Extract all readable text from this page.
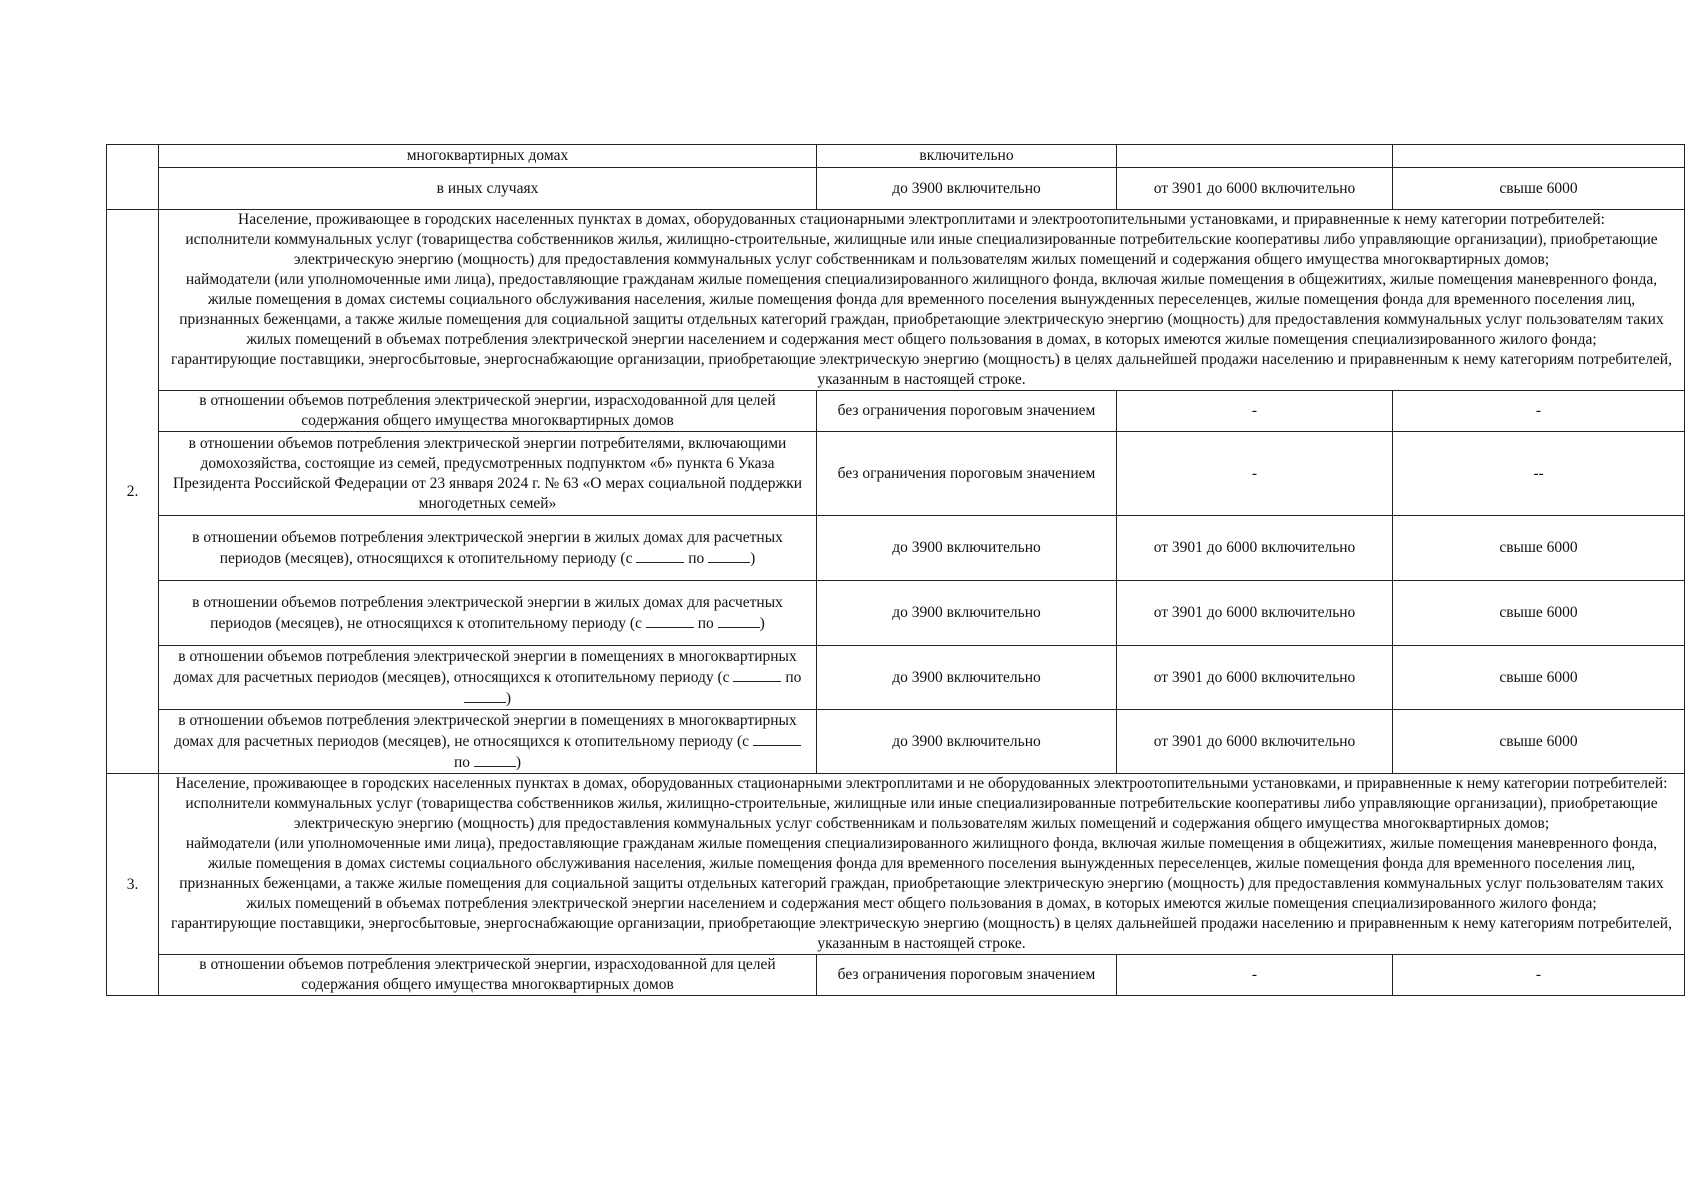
	многоквартирных домах	включительно		
	в иных случаях	до 3900 включительно	от 3901 до 6000 включительно	свыше 6000
2.	Население, проживающее в городских населенных пунктах в домах, оборудованных стационарными электроплитами и электроотопительными установками, и приравненные к нему категории потребителей:

исполнители коммунальных услуг (товарищества собственников жилья, жилищно-строительные, жилищные или иные специализированные потребительские кооперативы либо управляющие организации), приобретающие электрическую энергию (мощность) для предоставления коммунальных услуг собственникам и пользователям жилых помещений и содержания общего имущества многоквартирных домов;

наймодатели (или уполномоченные ими лица), предоставляющие гражданам жилые помещения специализированного жилищного фонда, включая жилые помещения в общежитиях, жилые помещения маневренного фонда, жилые помещения в домах системы социального обслуживания населения, жилые помещения фонда для временного поселения вынужденных переселенцев, жилые помещения фонда для временного поселения лиц, признанных беженцами, а также жилые помещения для социальной защиты отдельных категорий граждан, приобретающие электрическую энергию (мощность) для предоставления коммунальных услуг пользователям таких жилых помещений в объемах потребления электрической энергии населением и содержания мест общего пользования в домах, в которых имеются жилые помещения специализированного жилого фонда;

гарантирующие поставщики, энергосбытовые, энергоснабжающие организации, приобретающие электрическую энергию (мощность) в целях дальнейшей продажи населению и приравненным к нему категориям потребителей, указанным в настоящей строке.			

	в отношении объемов потребления электрической энергии, израсходованной для целей содержания общего имущества многоквартирных домов	без ограничения пороговым значением	-	-
	в отношении объемов потребления электрической энергии потребителями, включающими домохозяйства, состоящие из семей, предусмотренных подпунктом «б» пункта 6 Указа Президента Российской Федерации от 23 января 2024 г. № 63 «О мерах социальной поддержки многодетных семей»	без ограничения пороговым значением	-	--
	в отношении объемов потребления электрической энергии в жилых домах для расчетных периодов (месяцев), относящихся к отопительному периоду (с по )	до 3900 включительно	от 3901 до 6000 включительно	свыше 6000
	в отношении объемов потребления электрической энергии в жилых домах для расчетных периодов (месяцев), не относящихся к отопительному периоду (с по )	до 3900 включительно	от 3901 до 6000 включительно	свыше 6000
	в отношении объемов потребления электрической энергии в помещениях в многоквартирных домах для расчетных периодов (месяцев), относящихся к отопительному периоду (с по )	до 3900 включительно	от 3901 до 6000 включительно	свыше 6000
	в отношении объемов потребления электрической энергии в помещениях в многоквартирных домах для расчетных периодов (месяцев), не относящихся к отопительному периоду (с  по )	до 3900 включительно	от 3901 до 6000 включительно	свыше 6000
3.	Население, проживающее в городских населенных пунктах в домах, оборудованных стационарными электроплитами и не оборудованных электроотопительными установками, и приравненные к нему категории потребителей:

исполнители коммунальных услуг (товарищества собственников жилья, жилищно-строительные, жилищные или иные специализированные потребительские кооперативы либо управляющие организации), приобретающие электрическую энергию (мощность) для предоставления коммунальных услуг собственникам и пользователям жилых помещений и содержания общего имущества многоквартирных домов;

наймодатели (или уполномоченные ими лица), предоставляющие гражданам жилые помещения специализированного жилищного фонда, включая жилые помещения в общежитиях, жилые помещения маневренного фонда, жилые помещения в домах системы социального обслуживания населения, жилые помещения фонда для временного поселения вынужденных переселенцев, жилые помещения фонда для временного поселения лиц, признанных беженцами, а также жилые помещения для социальной защиты отдельных категорий граждан, приобретающие электрическую энергию (мощность) для предоставления коммунальных услуг пользователям таких жилых помещений в объемах потребления электрической энергии населением и содержания мест общего пользования в домах, в которых имеются жилые помещения специализированного жилого фонда;

гарантирующие поставщики, энергосбытовые, энергоснабжающие организации, приобретающие электрическую энергию (мощность) в целях дальнейшей продажи населению и приравненным к нему категориям потребителей, указанным в настоящей строке.			

	в отношении объемов потребления электрической энергии, израсходованной для целей содержания общего имущества многоквартирных домов	без ограничения пороговым значением	-	-
